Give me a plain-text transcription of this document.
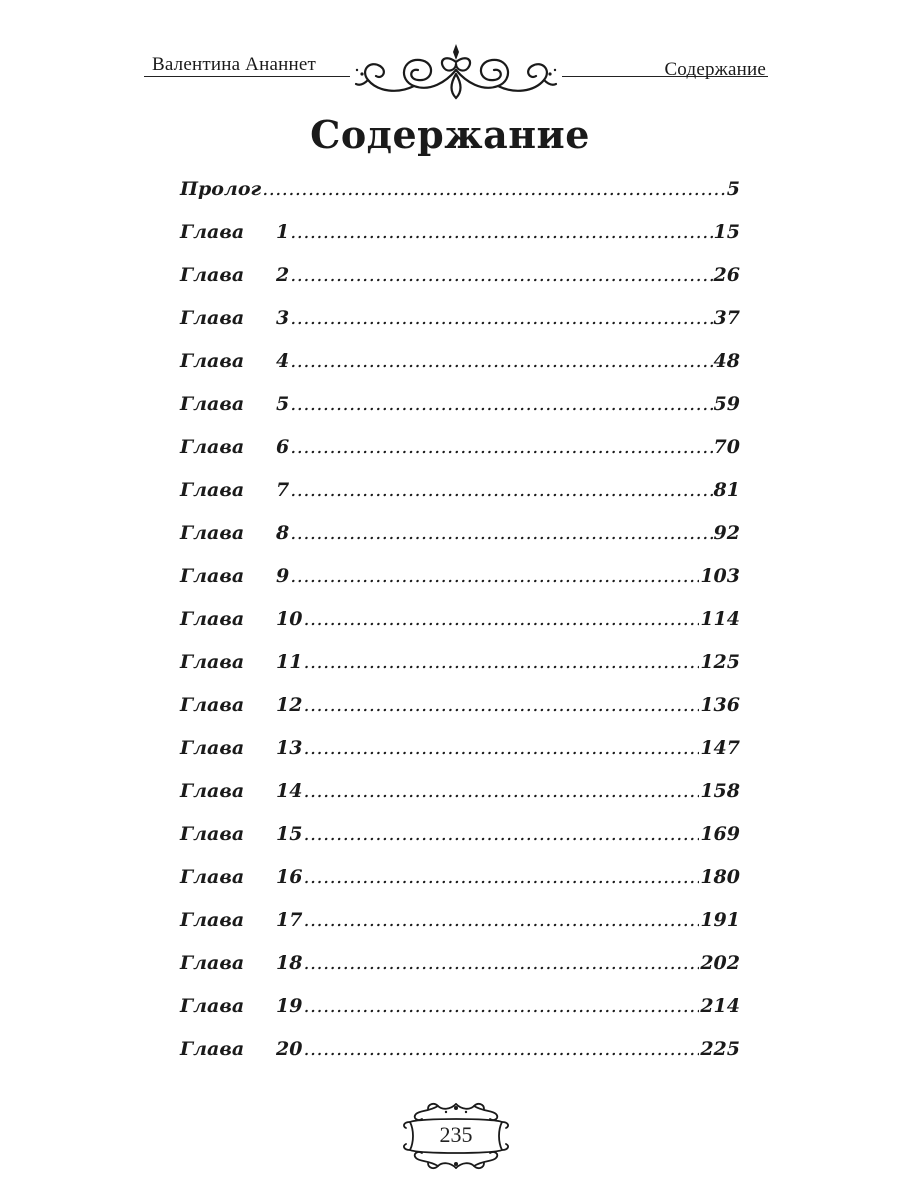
Валентина Ананнет	Содержание
Содержание
Пролог .....	5
Глава	1 .....	15
Глава	2 .....	26
Глава	3 .....	37
Глава	4 .....	48
Глава	5 .....	59
Глава	6 .....	70
Глава	7 .....	81
Глава	8 .....	92
Глава	9 .....	103
Глава	10 .....	114
Глава	11 .....	125
Глава	12 .....	136
Глава	13 .....	147
Глава	14 .....	158
Глава	15 .....	169
Глава	16 .....	180
Глава	17 .....	191
Глава	18 .....	202
Глава	19 .....	214
Глава	20 .....	225
235
